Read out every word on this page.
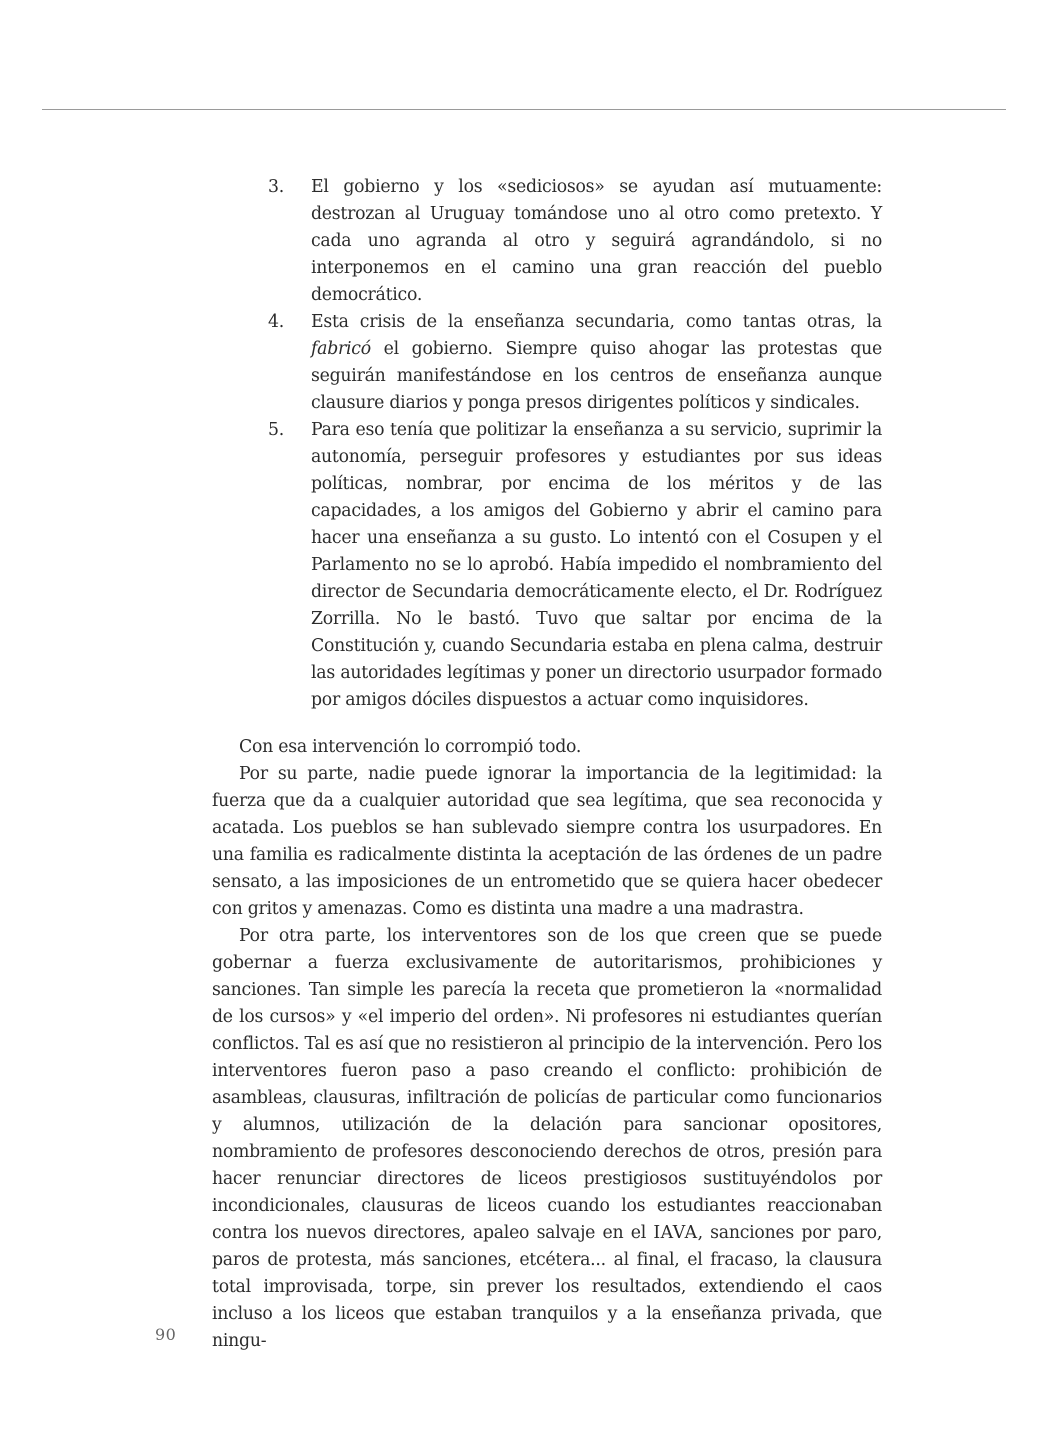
3. El gobierno y los «sediciosos» se ayudan así mutuamente: destrozan al Uruguay tomándose uno al otro como pretexto. Y cada uno agranda al otro y seguirá agrandándolo, si no interponemos en el camino una gran reacción del pueblo democrático.
4. Esta crisis de la enseñanza secundaria, como tantas otras, la fabricó el gobierno. Siempre quiso ahogar las protestas que seguirán manifestándose en los centros de enseñanza aunque clausure diarios y ponga presos dirigentes políticos y sindicales.
5. Para eso tenía que politizar la enseñanza a su servicio, suprimir la autonomía, perseguir profesores y estudiantes por sus ideas políticas, nombrar, por encima de los méritos y de las capacidades, a los amigos del Gobierno y abrir el camino para hacer una enseñanza a su gusto. Lo intentó con el Cosupen y el Parlamento no se lo aprobó. Había impedido el nombramiento del director de Secundaria democráticamente electo, el Dr. Rodríguez Zorrilla. No le bastó. Tuvo que saltar por encima de la Constitución y, cuando Secundaria estaba en plena calma, destruir las autoridades legítimas y poner un directorio usurpador formado por amigos dóciles dispuestos a actuar como inquisidores.

Con esa intervención lo corrompió todo.

Por su parte, nadie puede ignorar la importancia de la legitimidad: la fuerza que da a cualquier autoridad que sea legítima, que sea reconocida y acatada. Los pueblos se han sublevado siempre contra los usurpadores. En una familia es radicalmente distinta la aceptación de las órdenes de un padre sensato, a las imposiciones de un entrometido que se quiera hacer obedecer con gritos y amenazas. Como es distinta una madre a una madrastra.

Por otra parte, los interventores son de los que creen que se puede gobernar a fuerza exclusivamente de autoritarismos, prohibiciones y sanciones. Tan simple les parecía la receta que prometieron la «normalidad de los cursos» y «el imperio del orden». Ni profesores ni estudiantes querían conflictos. Tal es así que no resistieron al principio de la intervención. Pero los interventores fueron paso a paso creando el conflicto: prohibición de asambleas, clausuras, infiltración de policías de particular como funcionarios y alumnos, utilización de la delación para sancionar opositores, nombramiento de profesores desconociendo derechos de otros, presión para hacer renunciar directores de liceos prestigiosos sustituyéndolos por incondicionales, clausuras de liceos cuando los estudiantes reaccionaban contra los nuevos directores, apaleo salvaje en el IAVA, sanciones por paro, paros de protesta, más sanciones, etcétera... al final, el fracaso, la clausura total improvisada, torpe, sin prever los resultados, extendiendo el caos incluso a los liceos que estaban tranquilos y a la enseñanza privada, que ningu-

90
